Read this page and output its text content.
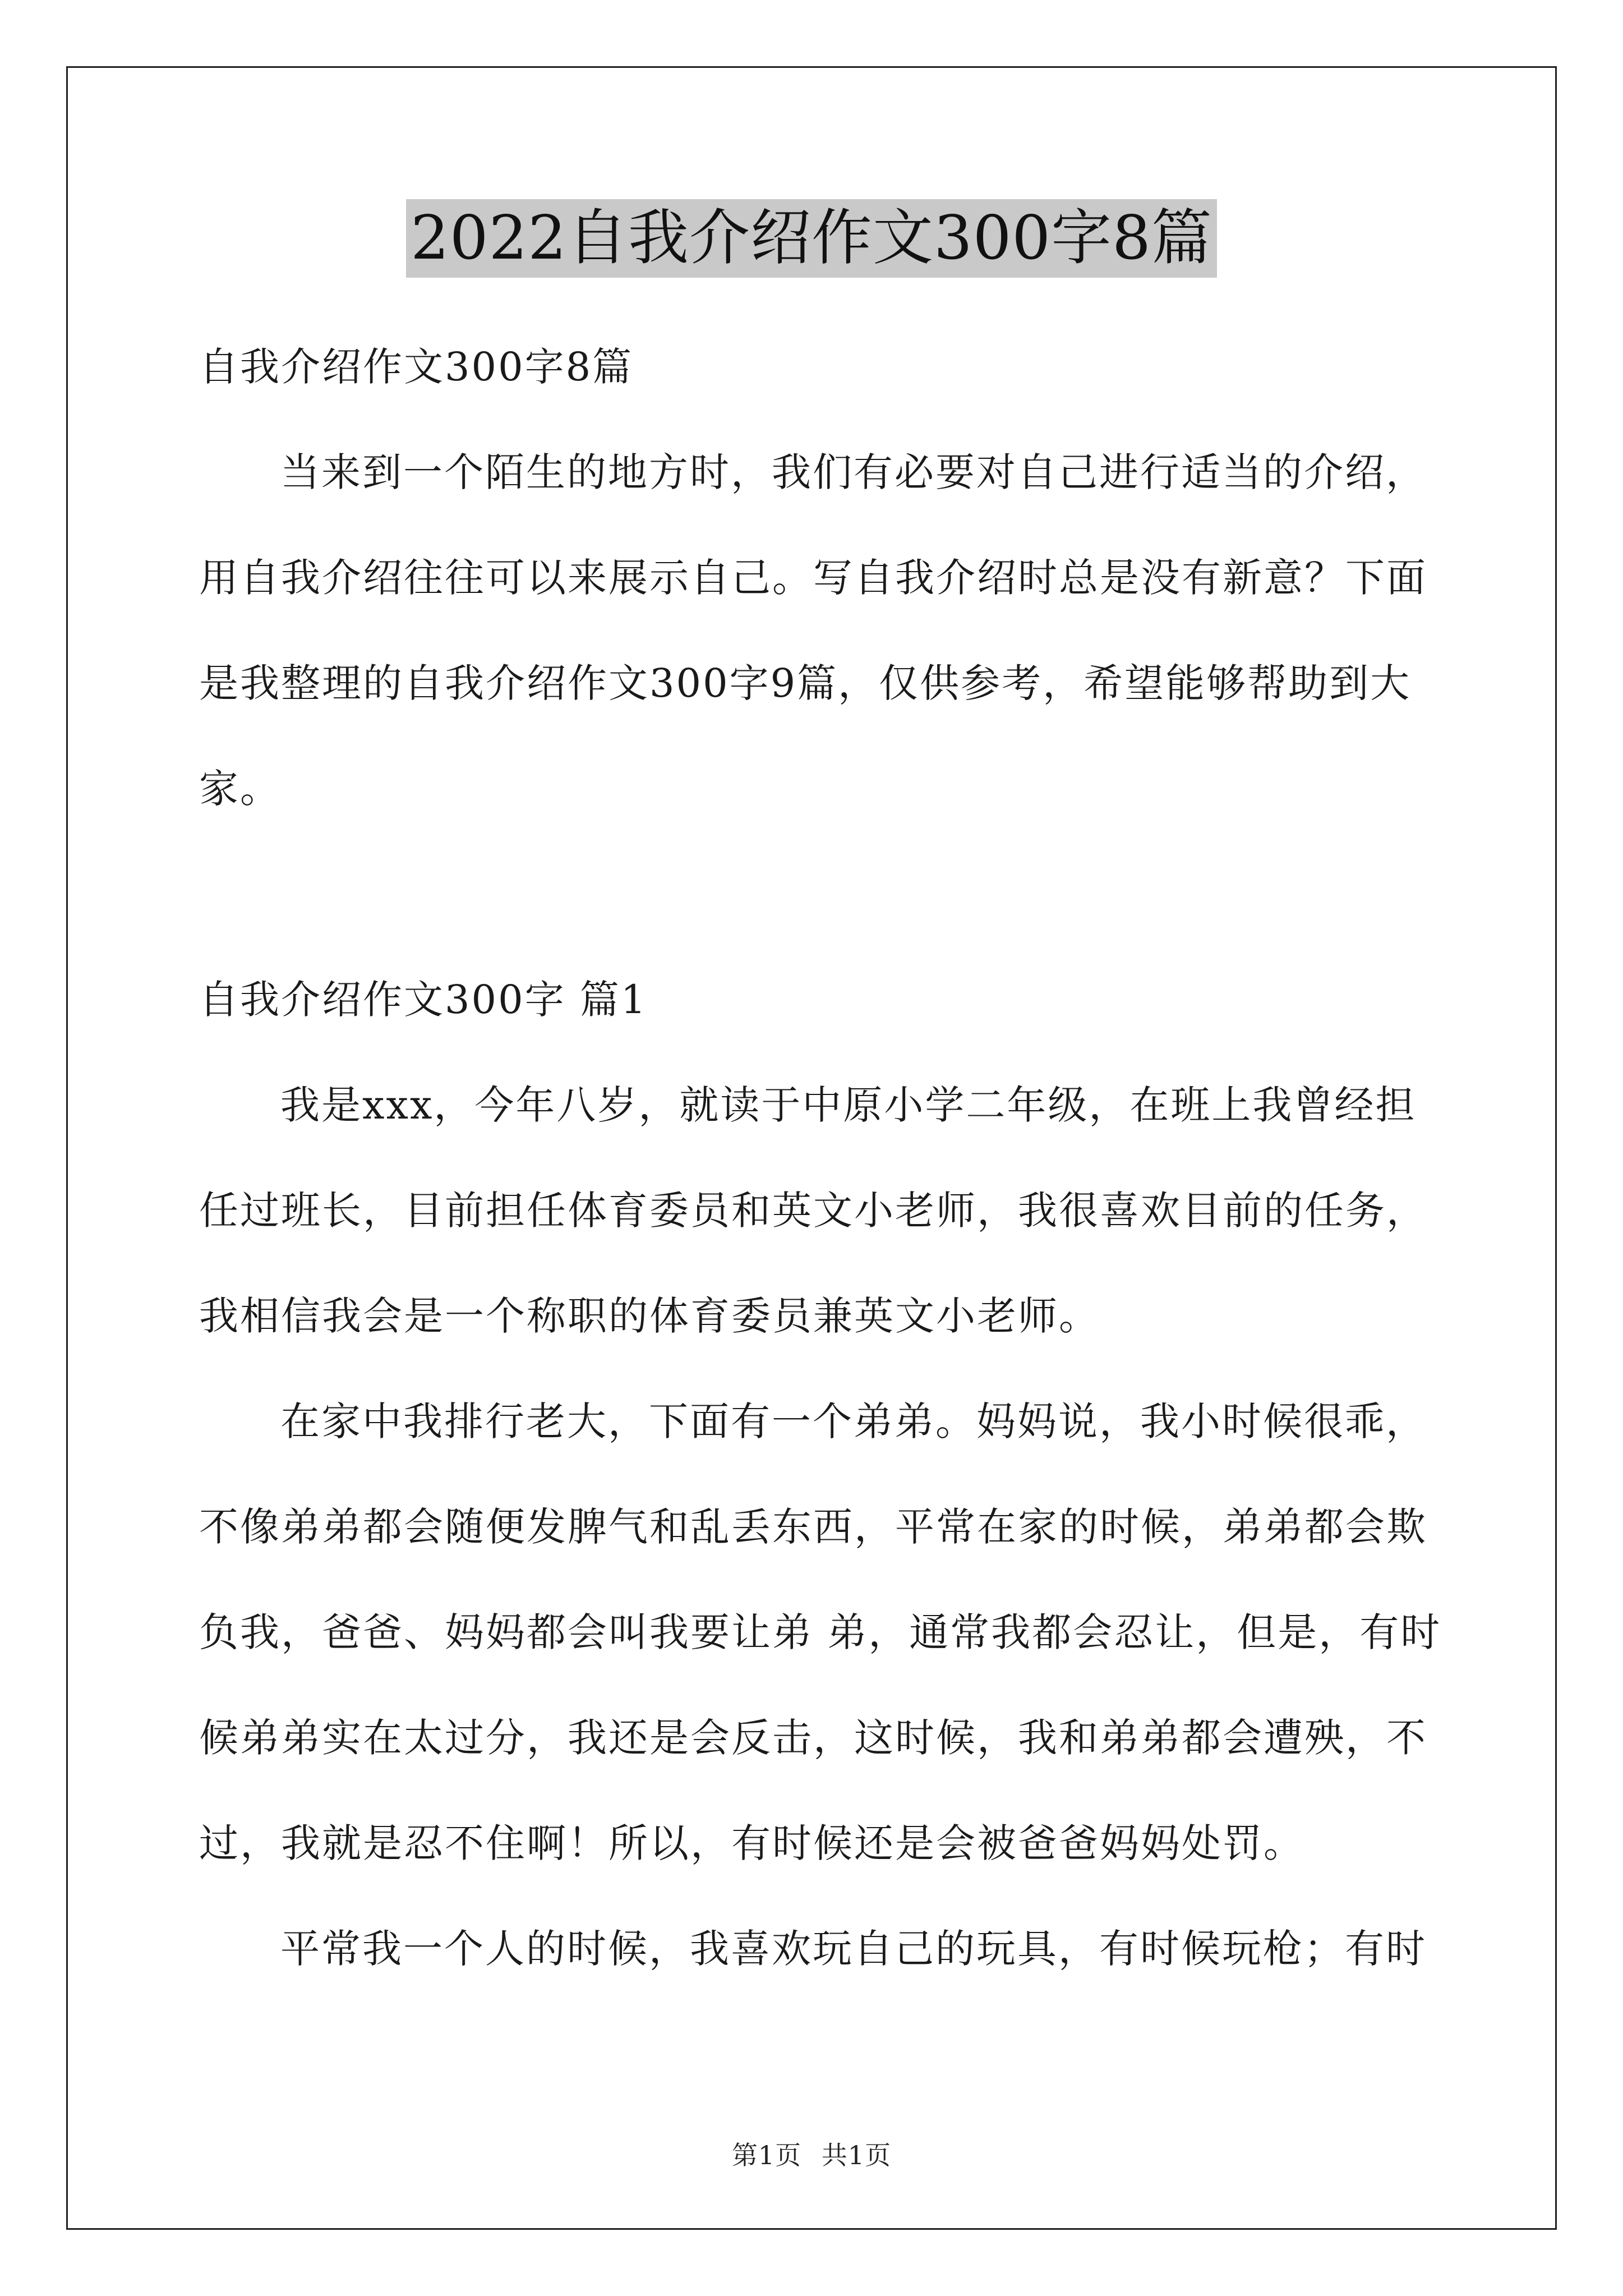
2022自我介绍作文300字8篇
自我介绍作文300字8篇
当来到一个陌生的地方时，我们有必要对自己进行适当的介绍，
用自我介绍往往可以来展示自己。写自我介绍时总是没有新意？下面
是我整理的自我介绍作文300字9篇，仅供参考，希望能够帮助到大
家。
自我介绍作文300字 篇1
我是xxx，今年八岁，就读于中原小学二年级，在班上我曾经担
任过班长，目前担任体育委员和英文小老师，我很喜欢目前的任务，
我相信我会是一个称职的体育委员兼英文小老师。
在家中我排行老大，下面有一个弟弟。妈妈说，我小时候很乖，
不像弟弟都会随便发脾气和乱丢东西，平常在家的时候，弟弟都会欺
负我，爸爸、妈妈都会叫我要让弟 弟，通常我都会忍让，但是，有时
候弟弟实在太过分，我还是会反击，这时候，我和弟弟都会遭殃，不
过，我就是忍不住啊！所以，有时候还是会被爸爸妈妈处罚。
平常我一个人的时候，我喜欢玩自己的玩具，有时候玩枪；有时
第1页 共1页
